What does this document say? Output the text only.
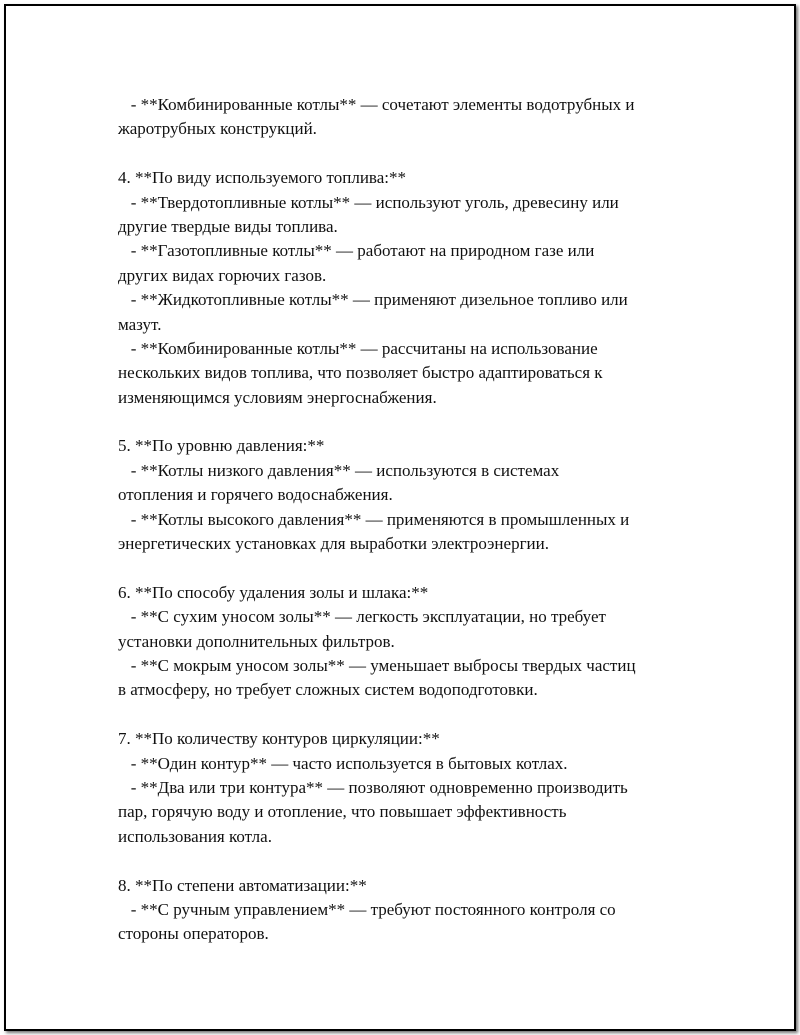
- **Комбинированные котлы** — сочетают элементы водотрубных и
жаротрубных конструкций.
4. **По виду используемого топлива:**
- **Твердотопливные котлы** — используют уголь, древесину или
другие твердые виды топлива.
- **Газотопливные котлы** — работают на природном газе или
других видах горючих газов.
- **Жидкотопливные котлы** — применяют дизельное топливо или
мазут.
- **Комбинированные котлы** — рассчитаны на использование
нескольких видов топлива, что позволяет быстро адаптироваться к
изменяющимся условиям энергоснабжения.
5. **По уровню давления:**
- **Котлы низкого давления** — используются в системах
отопления и горячего водоснабжения.
- **Котлы высокого давления** — применяются в промышленных и
энергетических установках для выработки электроэнергии.
6. **По способу удаления золы и шлака:**
- **С сухим уносом золы** — легкость эксплуатации, но требует
установки дополнительных фильтров.
- **С мокрым уносом золы** — уменьшает выбросы твердых частиц
в атмосферу, но требует сложных систем водоподготовки.
7. **По количеству контуров циркуляции:**
- **Один контур** — часто используется в бытовых котлах.
- **Два или три контура** — позволяют одновременно производить
пар, горячую воду и отопление, что повышает эффективность
использования котла.
8. **По степени автоматизации:**
- **С ручным управлением** — требуют постоянного контроля со
стороны операторов.
